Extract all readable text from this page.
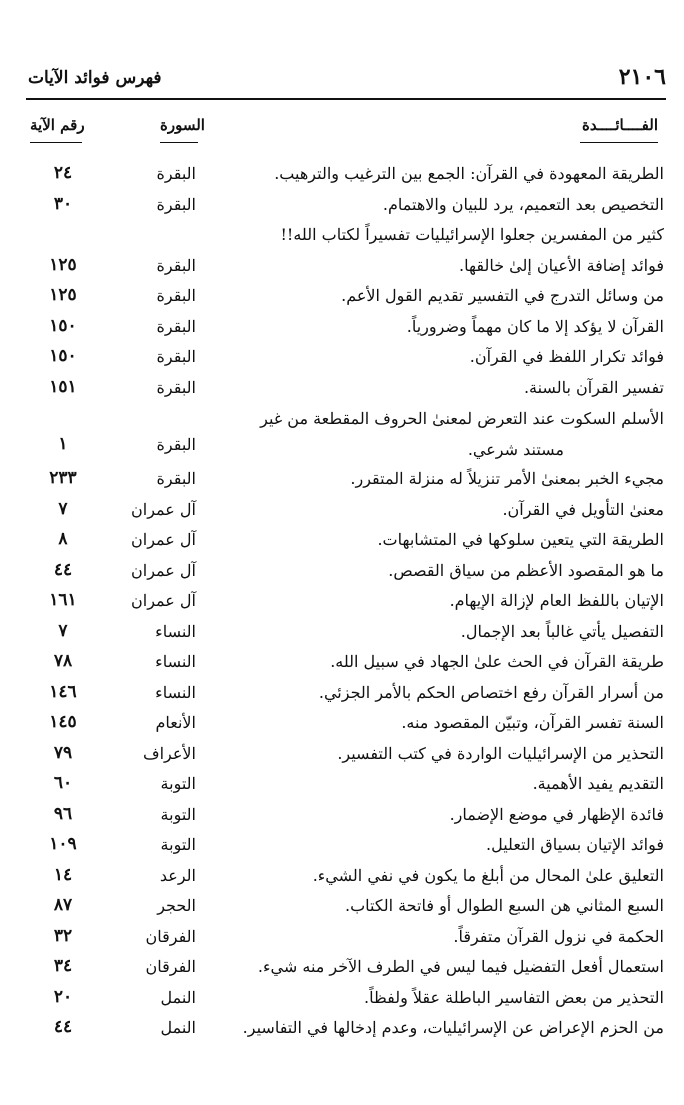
٢١٠٦
فهرس فوائد الآيات
الفــــائــــدة
السورة
رقم الآية
الطريقة المعهودة في القرآن: الجمع بين الترغيب والترهيب.
البقرة
٢٤
التخصيص بعد التعميم، يرد للبيان والاهتمام.
البقرة
٣٠
كثير من المفسرين جعلوا الإسرائيليات تفسيراً لكتاب الله!!
فوائد إضافة الأعيان إلىٰ خالقها.
البقرة
١٢٥
من وسائل التدرج في التفسير تقديم القول الأعم.
البقرة
١٢٥
القرآن لا يؤكد إلا ما كان مهماً وضرورياً.
البقرة
١٥٠
فوائد تكرار اللفظ في القرآن.
البقرة
١٥٠
تفسير القرآن بالسنة.
البقرة
١٥١
الأسلم السكوت عند التعرض لمعنىٰ الحروف المقطعة من غير
مستند شرعي.
البقرة
١
مجيء الخبر بمعنىٰ الأمر تنزيلاً له منزلة المتقرر.
البقرة
٢٣٣
معنىٰ التأويل في القرآن.
آل عمران
٧
الطريقة التي يتعين سلوكها في المتشابهات.
آل عمران
٨
ما هو المقصود الأعظم من سياق القصص.
آل عمران
٤٤
الإتيان باللفظ العام لإزالة الإيهام.
آل عمران
١٦١
التفصيل يأتي غالباً بعد الإجمال.
النساء
٧
طريقة القرآن في الحث علىٰ الجهاد في سبيل الله.
النساء
٧٨
من أسرار القرآن رفع اختصاص الحكم بالأمر الجزئي.
النساء
١٤٦
السنة تفسر القرآن، وتبيّن المقصود منه.
الأنعام
١٤٥
التحذير من الإسرائيليات الواردة في كتب التفسير.
الأعراف
٧٩
التقديم يفيد الأهمية.
التوبة
٦٠
فائدة الإظهار في موضع الإضمار.
التوبة
٩٦
فوائد الإتيان بسياق التعليل.
التوبة
١٠٩
التعليق علىٰ المحال من أبلغ ما يكون في نفي الشيء.
الرعد
١٤
السبع المثاني هن السبع الطوال أو فاتحة الكتاب.
الحجر
٨٧
الحكمة في نزول القرآن متفرقاً.
الفرقان
٣٢
استعمال أفعل التفضيل فيما ليس في الطرف الآخر منه شيء.
الفرقان
٣٤
التحذير من بعض التفاسير الباطلة عقلاً ولفظاً.
النمل
٢٠
من الحزم الإعراض عن الإسرائيليات، وعدم إدخالها في التفاسير.
النمل
٤٤
